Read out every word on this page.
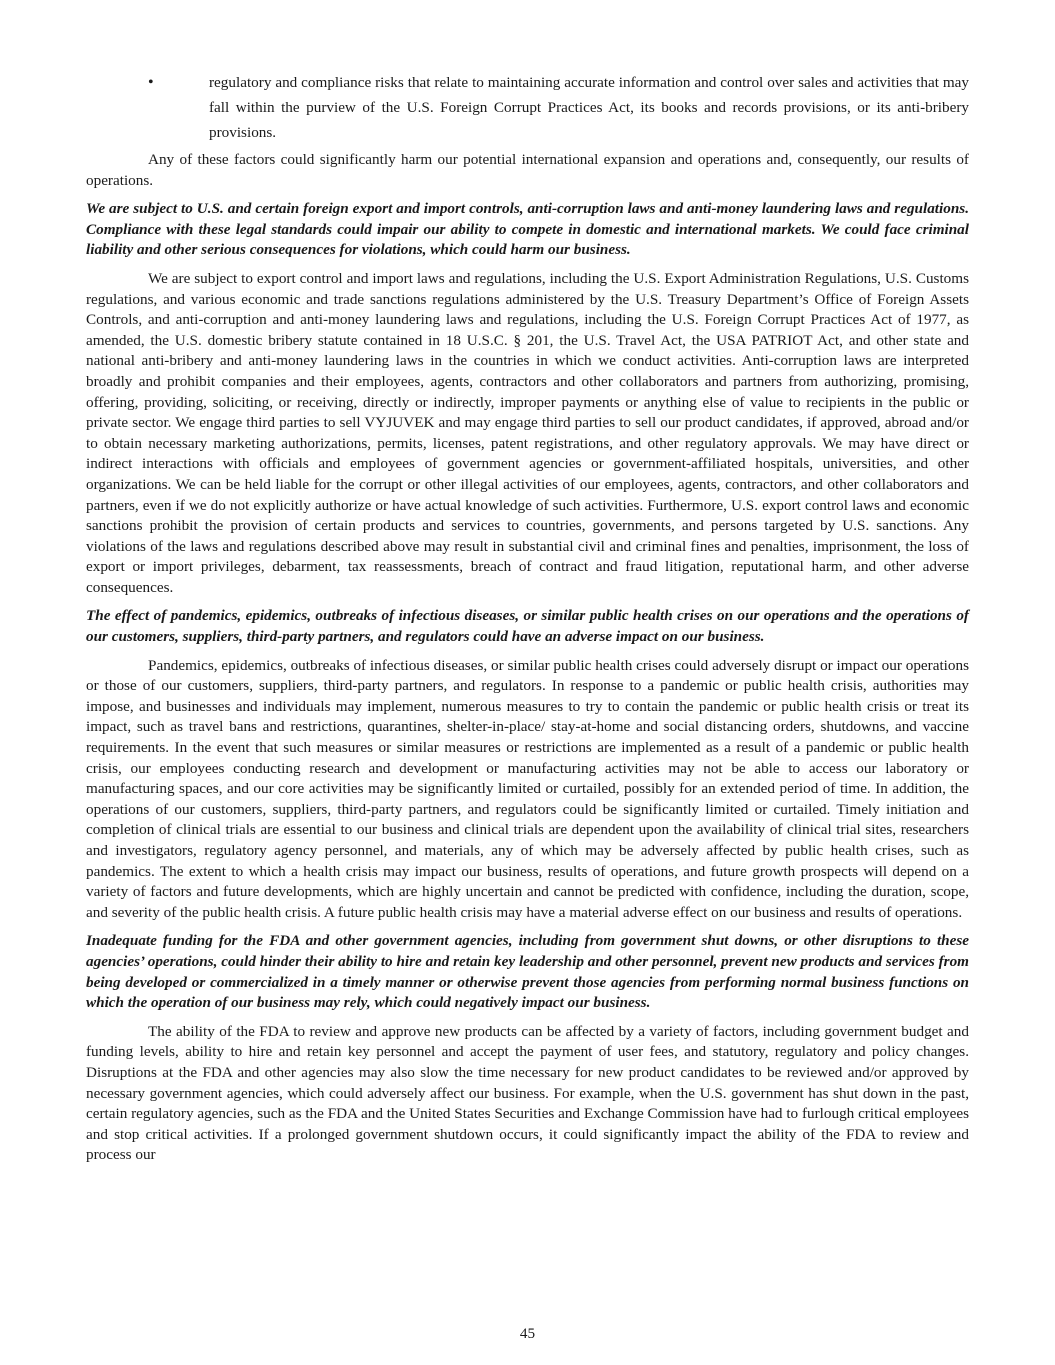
•	regulatory and compliance risks that relate to maintaining accurate information and control over sales and activities that may fall within the purview of the U.S. Foreign Corrupt Practices Act, its books and records provisions, or its anti-bribery provisions.

Any of these factors could significantly harm our potential international expansion and operations and, consequently, our results of operations.

We are subject to U.S. and certain foreign export and import controls, anti-corruption laws and anti-money laundering laws and regulations. Compliance with these legal standards could impair our ability to compete in domestic and international markets. We could face criminal liability and other serious consequences for violations, which could harm our business.

We are subject to export control and import laws and regulations, including the U.S. Export Administration Regulations, U.S. Customs regulations, and various economic and trade sanctions regulations administered by the U.S. Treasury Department’s Office of Foreign Assets Controls, and anti-corruption and anti-money laundering laws and regulations, including the U.S. Foreign Corrupt Practices Act of 1977, as amended, the U.S. domestic bribery statute contained in 18 U.S.C. § 201, the U.S. Travel Act, the USA PATRIOT Act, and other state and national anti-bribery and anti-money laundering laws in the countries in which we conduct activities. Anti-corruption laws are interpreted broadly and prohibit companies and their employees, agents, contractors and other collaborators and partners from authorizing, promising, offering, providing, soliciting, or receiving, directly or indirectly, improper payments or anything else of value to recipients in the public or private sector. We engage third parties to sell VYJUVEK and may engage third parties to sell our product candidates, if approved, abroad and/or to obtain necessary marketing authorizations, permits, licenses, patent registrations, and other regulatory approvals. We may have direct or indirect interactions with officials and employees of government agencies or government-affiliated hospitals, universities, and other organizations. We can be held liable for the corrupt or other illegal activities of our employees, agents, contractors, and other collaborators and partners, even if we do not explicitly authorize or have actual knowledge of such activities. Furthermore, U.S. export control laws and economic sanctions prohibit the provision of certain products and services to countries, governments, and persons targeted by U.S. sanctions. Any violations of the laws and regulations described above may result in substantial civil and criminal fines and penalties, imprisonment, the loss of export or import privileges, debarment, tax reassessments, breach of contract and fraud litigation, reputational harm, and other adverse consequences.

The effect of pandemics, epidemics, outbreaks of infectious diseases, or similar public health crises on our operations and the operations of our customers, suppliers, third-party partners, and regulators could have an adverse impact on our business.

Pandemics, epidemics, outbreaks of infectious diseases, or similar public health crises could adversely disrupt or impact our operations or those of our customers, suppliers, third-party partners, and regulators. In response to a pandemic or public health crisis, authorities may impose, and businesses and individuals may implement, numerous measures to try to contain the pandemic or public health crisis or treat its impact, such as travel bans and restrictions, quarantines, shelter-in-place/ stay-at-home and social distancing orders, shutdowns, and vaccine requirements. In the event that such measures or similar measures or restrictions are implemented as a result of a pandemic or public health crisis, our employees conducting research and development or manufacturing activities may not be able to access our laboratory or manufacturing spaces, and our core activities may be significantly limited or curtailed, possibly for an extended period of time. In addition, the operations of our customers, suppliers, third-party partners, and regulators could be significantly limited or curtailed. Timely initiation and completion of clinical trials are essential to our business and clinical trials are dependent upon the availability of clinical trial sites, researchers and investigators, regulatory agency personnel, and materials, any of which may be adversely affected by public health crises, such as pandemics. The extent to which a health crisis may impact our business, results of operations, and future growth prospects will depend on a variety of factors and future developments, which are highly uncertain and cannot be predicted with confidence, including the duration, scope, and severity of the public health crisis. A future public health crisis may have a material adverse effect on our business and results of operations.

Inadequate funding for the FDA and other government agencies, including from government shut downs, or other disruptions to these agencies’ operations, could hinder their ability to hire and retain key leadership and other personnel, prevent new products and services from being developed or commercialized in a timely manner or otherwise prevent those agencies from performing normal business functions on which the operation of our business may rely, which could negatively impact our business.

The ability of the FDA to review and approve new products can be affected by a variety of factors, including government budget and funding levels, ability to hire and retain key personnel and accept the payment of user fees, and statutory, regulatory and policy changes. Disruptions at the FDA and other agencies may also slow the time necessary for new product candidates to be reviewed and/or approved by necessary government agencies, which could adversely affect our business. For example, when the U.S. government has shut down in the past, certain regulatory agencies, such as the FDA and the United States Securities and Exchange Commission have had to furlough critical employees and stop critical activities. If a prolonged government shutdown occurs, it could significantly impact the ability of the FDA to review and process our

45
